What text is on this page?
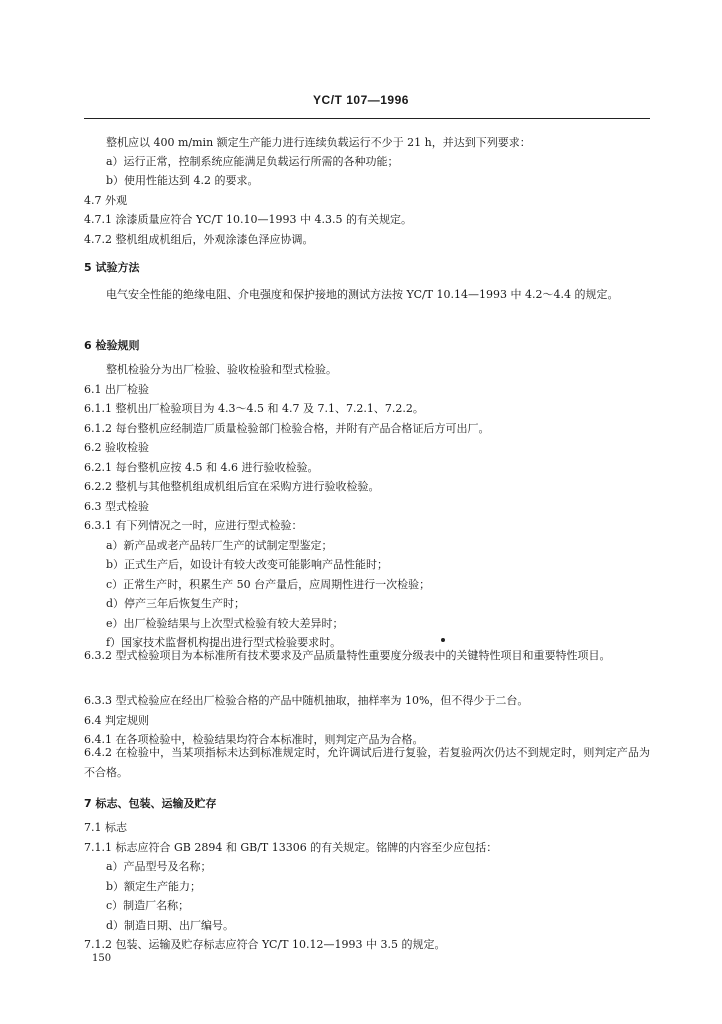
YC/T 107—1996
整机应以 400 m/min 额定生产能力进行连续负载运行不少于 21 h，并达到下列要求：
a）运行正常，控制系统应能满足负载运行所需的各种功能；
b）使用性能达到 4.2 的要求。
4.7 外观
4.7.1 涂漆质量应符合 YC/T 10.10—1993 中 4.3.5 的有关规定。
4.7.2 整机组成机组后，外观涂漆色泽应协调。
5 试验方法
电气安全性能的绝缘电阻、介电强度和保护接地的测试方法按 YC/T 10.14—1993 中 4.2～4.4 的规定。
6 检验规则
整机检验分为出厂检验、验收检验和型式检验。
6.1 出厂检验
6.1.1 整机出厂检验项目为 4.3～4.5 和 4.7 及 7.1、7.2.1、7.2.2。
6.1.2 每台整机应经制造厂质量检验部门检验合格，并附有产品合格证后方可出厂。
6.2 验收检验
6.2.1 每台整机应按 4.5 和 4.6 进行验收检验。
6.2.2 整机与其他整机组成机组后宜在采购方进行验收检验。
6.3 型式检验
6.3.1 有下列情况之一时，应进行型式检验：
a）新产品或老产品转厂生产的试制定型鉴定；
b）正式生产后，如设计有较大改变可能影响产品性能时；
c）正常生产时，积累生产 50 台产量后，应周期性进行一次检验；
d）停产三年后恢复生产时；
e）出厂检验结果与上次型式检验有较大差异时；
f）国家技术监督机构提出进行型式检验要求时。
6.3.2 型式检验项目为本标准所有技术要求及产品质量特性重要度分级表中的关键特性项目和重要特性项目。
6.3.3 型式检验应在经出厂检验合格的产品中随机抽取，抽样率为 10%，但不得少于二台。
6.4 判定规则
6.4.1 在各项检验中，检验结果均符合本标准时，则判定产品为合格。
6.4.2 在检验中，当某项指标未达到标准规定时，允许调试后进行复验，若复验两次仍达不到规定时，则判定产品为不合格。
7 标志、包装、运输及贮存
7.1 标志
7.1.1 标志应符合 GB 2894 和 GB/T 13306 的有关规定。铭牌的内容至少应包括：
a）产品型号及名称；
b）额定生产能力；
c）制造厂名称；
d）制造日期、出厂编号。
7.1.2 包装、运输及贮存标志应符合 YC/T 10.12—1993 中 3.5 的规定。
150
